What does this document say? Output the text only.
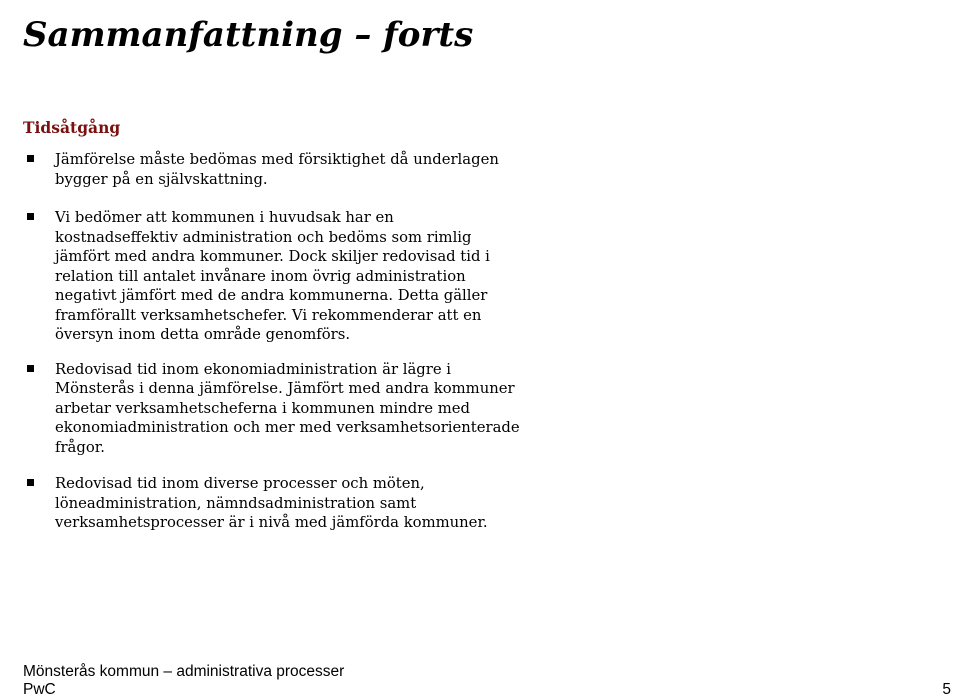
Sammanfattning – forts
Tidsåtgång
Jämförelse måste bedömas med försiktighet då underlagen bygger på en självskattning.
Vi bedömer att kommunen i huvudsak har en kostnadseffektiv administration och bedöms som rimlig jämfört med andra kommuner. Dock skiljer redovisad tid i relation till antalet invånare inom övrig administration negativt jämfört med de andra kommunerna. Detta gäller framförallt verksamhetschefer. Vi rekommenderar att en översyn inom detta område genomförs.
Redovisad tid inom ekonomiadministration är lägre i Mönsterås i denna jämförelse. Jämfört med andra kommuner arbetar verksamhetscheferna i kommunen mindre med ekonomiadministration och mer med verksamhetsorienterade frågor.
Redovisad tid inom diverse processer och möten, löneadministration, nämndsadministration samt verksamhetsprocesser är i nivå med jämförda kommuner.
Mönsterås kommun – administrativa processer
PwC	5
